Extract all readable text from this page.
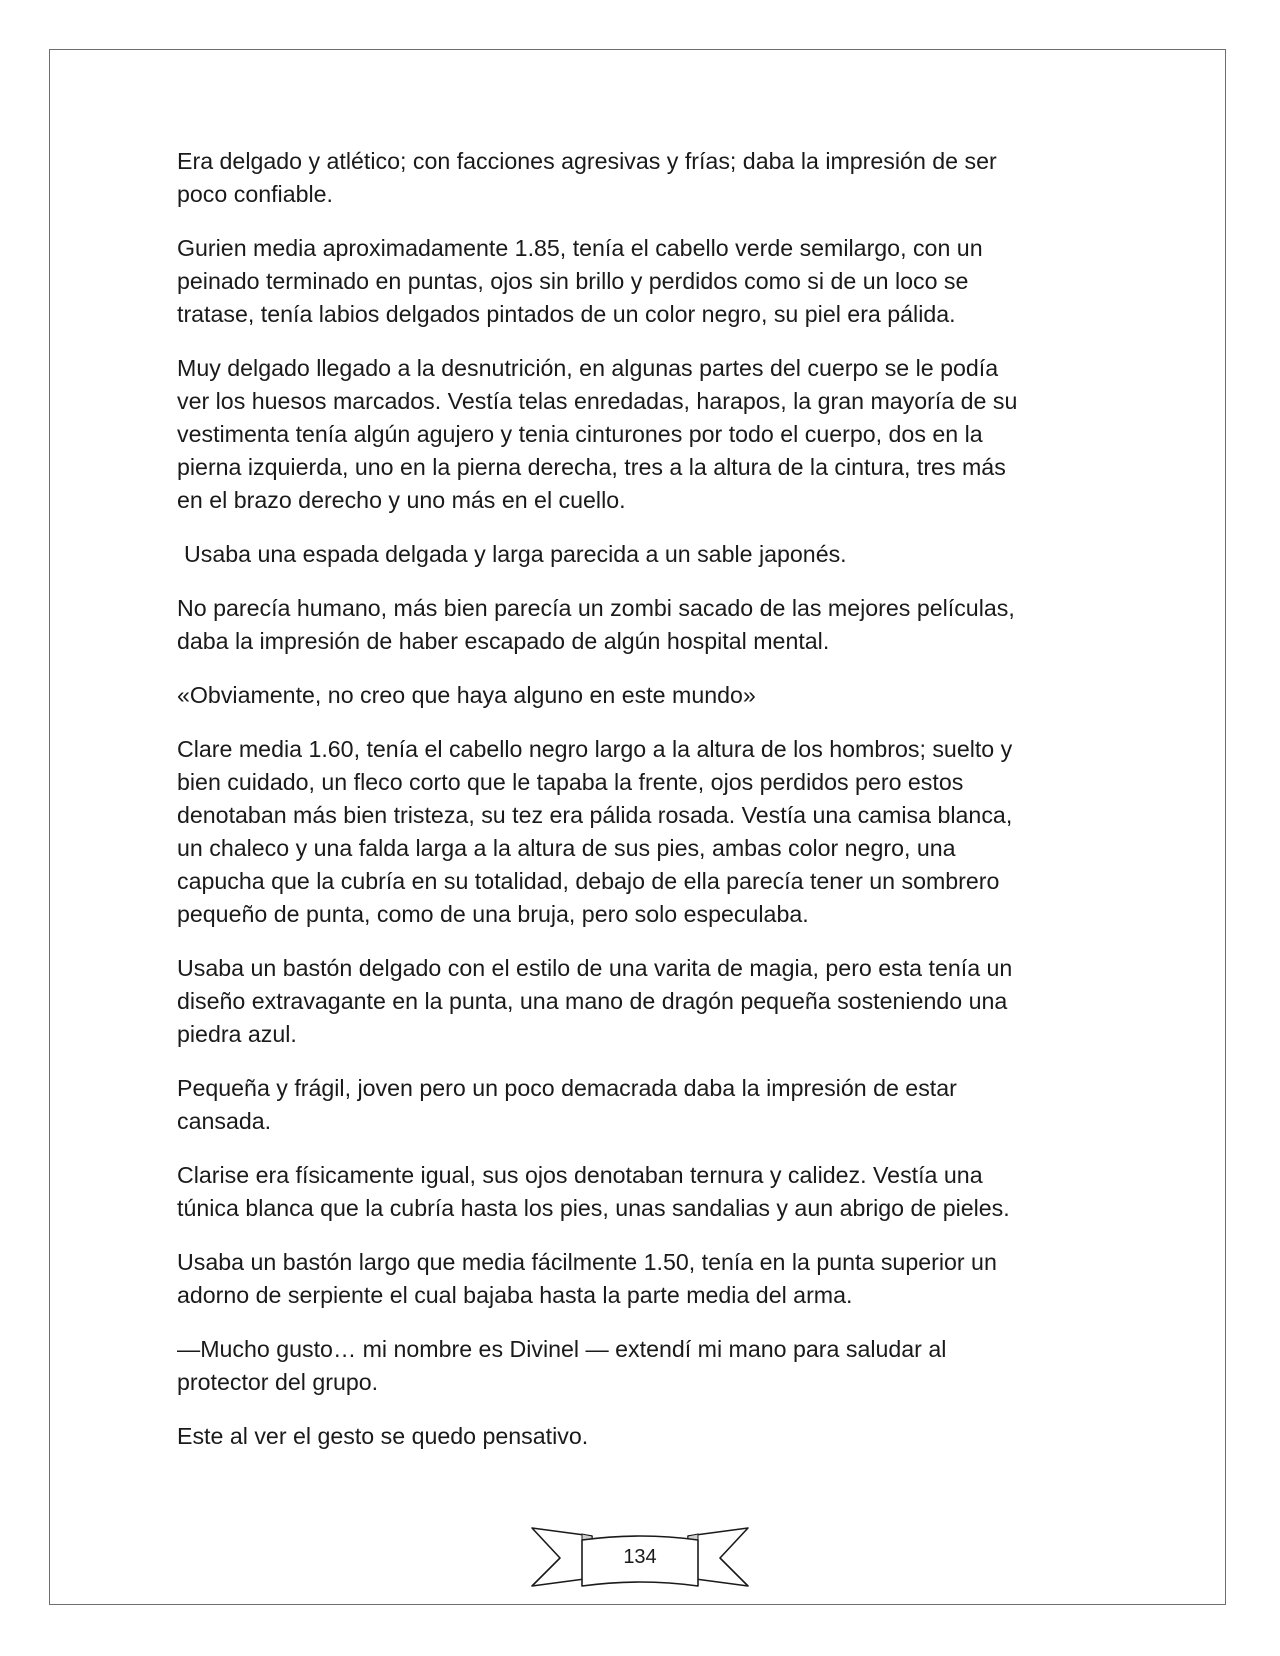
Era delgado y atlético; con facciones agresivas y frías; daba la impresión de ser
poco confiable.

Gurien media aproximadamente 1.85, tenía el cabello verde semilargo, con un
peinado terminado en puntas, ojos sin brillo y perdidos como si de un loco se
tratase, tenía labios delgados pintados de un color negro, su piel era pálida.

Muy delgado llegado a la desnutrición, en algunas partes del cuerpo se le podía
ver los huesos marcados. Vestía telas enredadas, harapos, la gran mayoría de su
vestimenta tenía algún agujero y tenia cinturones por todo el cuerpo, dos en la
pierna izquierda, uno en la pierna derecha, tres a la altura de la cintura, tres más
en el brazo derecho y uno más en el cuello.

Usaba una espada delgada y larga parecida a un sable japonés.

No parecía humano, más bien parecía un zombi sacado de las mejores películas,
daba la impresión de haber escapado de algún hospital mental.

«Obviamente, no creo que haya alguno en este mundo»

Clare media 1.60, tenía el cabello negro largo a la altura de los hombros; suelto y
bien cuidado, un fleco corto que le tapaba la frente, ojos perdidos pero estos
denotaban más bien tristeza, su tez era pálida rosada. Vestía una camisa blanca,
un chaleco y una falda larga a la altura de sus pies, ambas color negro, una
capucha que la cubría en su totalidad, debajo de ella parecía tener un sombrero
pequeño de punta, como de una bruja, pero solo especulaba.

Usaba un bastón delgado con el estilo de una varita de magia, pero esta tenía un
diseño extravagante en la punta, una mano de dragón pequeña sosteniendo una
piedra azul.

Pequeña y frágil, joven pero un poco demacrada daba la impresión de estar
cansada.

Clarise era físicamente igual, sus ojos denotaban ternura y calidez. Vestía una
túnica blanca que la cubría hasta los pies, unas sandalias y aun abrigo de pieles.

Usaba un bastón largo que media fácilmente 1.50, tenía en la punta superior un
adorno de serpiente el cual bajaba hasta la parte media del arma.

—Mucho gusto… mi nombre es Divinel — extendí mi mano para saludar al
protector del grupo.

Este al ver el gesto se quedo pensativo.

134
